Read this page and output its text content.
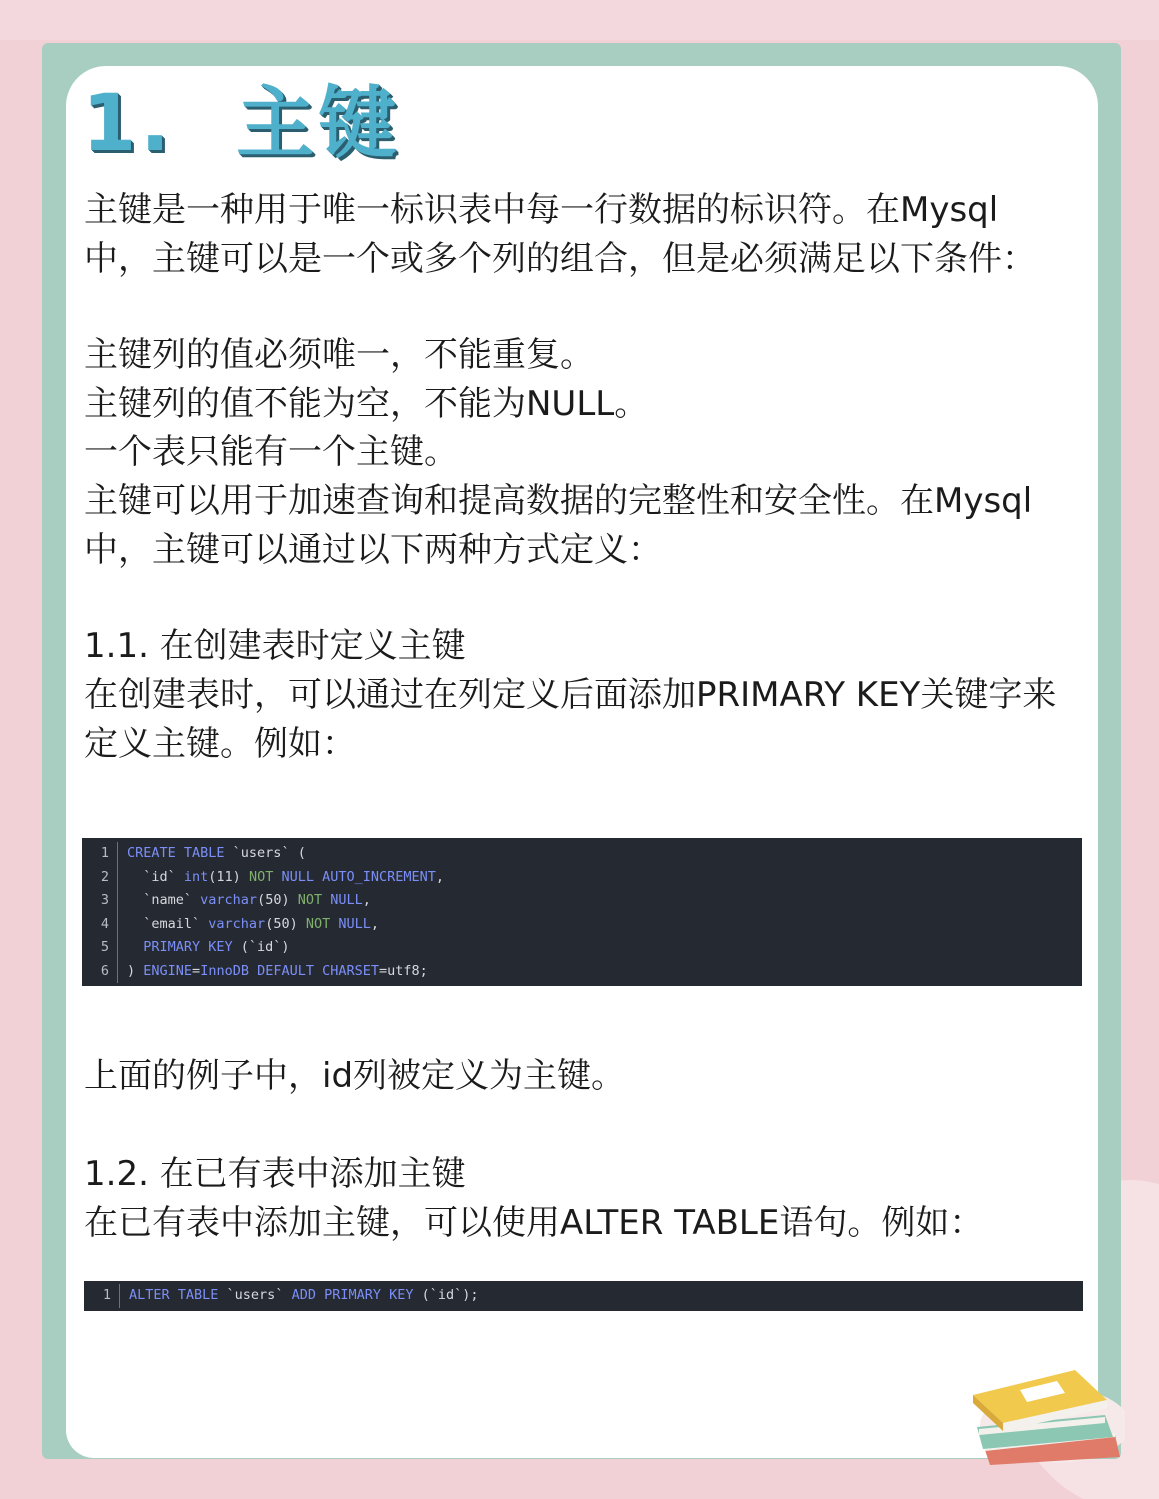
1.  主键
主键是一种用于唯一标识表中每一行数据的标识符。在Mysql
中，主键可以是一个或多个列的组合，但是必须满足以下条件：
主键列的值必须唯一，不能重复。
主键列的值不能为空，不能为NULL。
一个表只能有一个主键。
主键可以用于加速查询和提高数据的完整性和安全性。在Mysql
中，主键可以通过以下两种方式定义：
1.1. 在创建表时定义主键
在创建表时，可以通过在列定义后面添加PRIMARY KEY关键字来
定义主键。例如：
1	CREATE TABLE `users` (
2	`id` int (11) NOT NULL AUTO_INCREMENT ,
3	`name` varchar (50) NOT NULL ,
4	`email` varchar (50) NOT NULL ,
5	PRIMARY KEY (`id`)
6	) ENGINE = InnoDB DEFAULT CHARSET =utf8;
上面的例子中，id列被定义为主键。
1.2. 在已有表中添加主键
在已有表中添加主键，可以使用ALTER TABLE语句。例如：
1	ALTER TABLE `users` ADD PRIMARY KEY (`id`);
